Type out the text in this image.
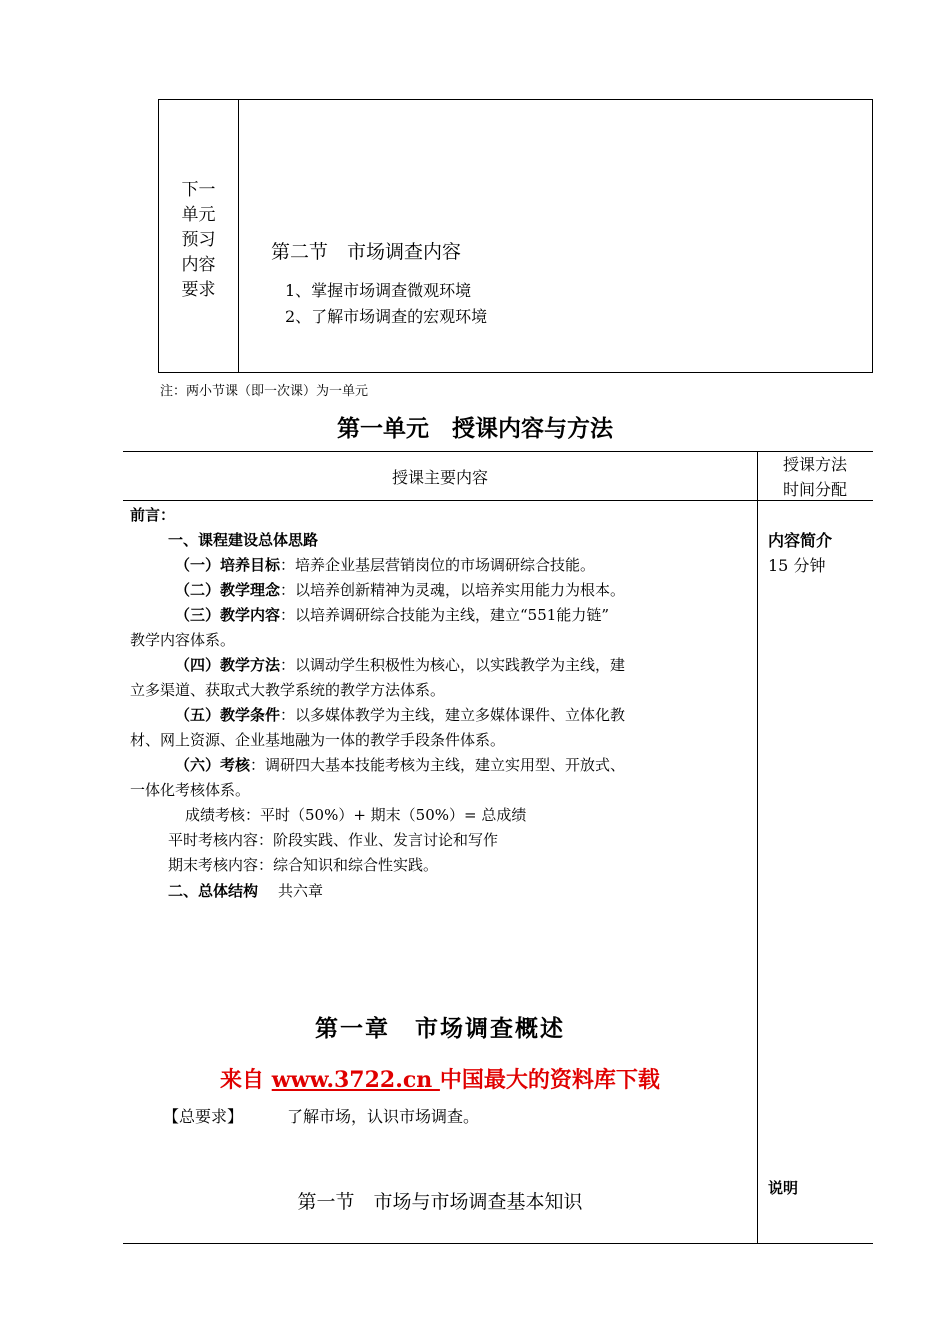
下一
单元
预习
内容
要求
第二节　市场调查内容
1、掌握市场调查微观环境
2、了解市场调查的宏观环境
注：两小节课（即一次课）为一单元
第一单元　授课内容与方法
授课主要内容
授课方法
时间分配
前言：
一、课程建设总体思路
（一）培养目标：培养企业基层营销岗位的市场调研综合技能。
（二）教学理念：以培养创新精神为灵魂，以培养实用能力为根本。
（三）教学内容：以培养调研综合技能为主线，建立“551能力链”
教学内容体系。
（四）教学方法：以调动学生积极性为核心，以实践教学为主线，建
立多渠道、获取式大教学系统的教学方法体系。
（五）教学条件：以多媒体教学为主线，建立多媒体课件、立体化教
材、网上资源、企业基地融为一体的教学手段条件体系。
（六）考核：调研四大基本技能考核为主线，建立实用型、开放式、
一体化考核体系。
成绩考核：平时（50%）+ 期末（50%）= 总成绩
平时考核内容：阶段实践、作业、发言讨论和写作
期末考核内容：综合知识和综合性实践。
二、总体结构 共六章
第一章　市场调查概述
来自 www.3722.cn 中国最大的资料库下载
【总要求】	了解市场，认识市场调查。
第一节　市场与市场调查基本知识
内容简介
15 分钟
说明
